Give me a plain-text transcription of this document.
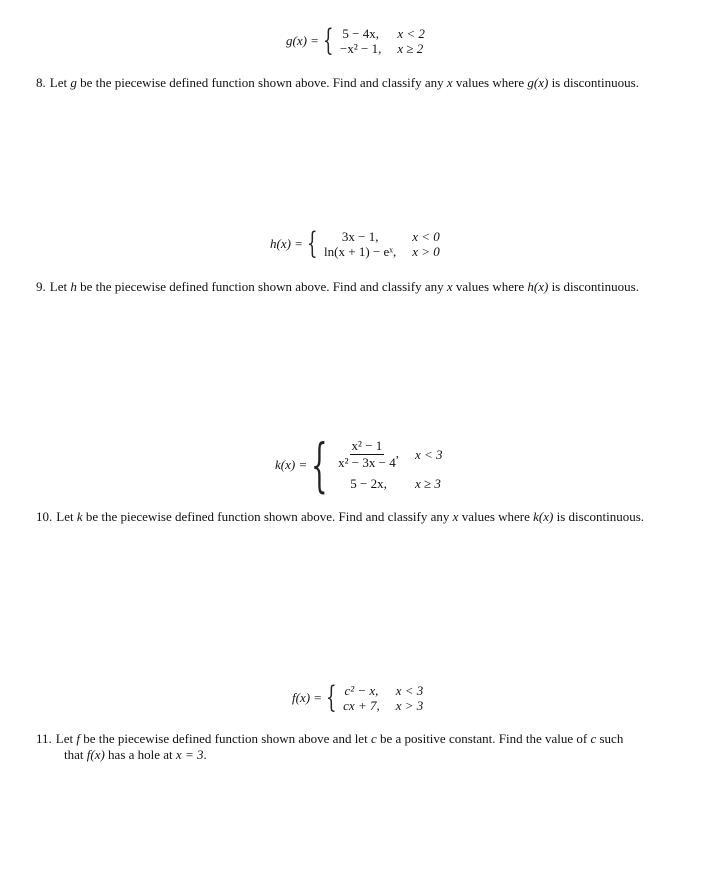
g(x) = { 5 − 4x, x < 2
−x² − 1, x ≥ 2
8. Let g be the piecewise defined function shown above. Find and classify any x values where g(x) is discontinuous.
h(x) = {	3x − 1,	x < 0
ln(x + 1) − eˣ, x > 0
9. Let h be the piecewise defined function shown above. Find and classify any x values where h(x) is discontinuous.
k(x) = { $\frac{\text{x² − 1}}{\text{x² − 3x − 4}}$ , x < 3
5 − 2x,	x ≥ 3
10. Let k be the piecewise defined function shown above. Find and classify any x values where k(x) is discontinuous.
f(x) = { c² − x, x < 3
cx + 7, x > 3
11. Let f be the piecewise defined function shown above and let c be a positive constant. Find the value of c such
that f(x) has a hole at x = 3.
